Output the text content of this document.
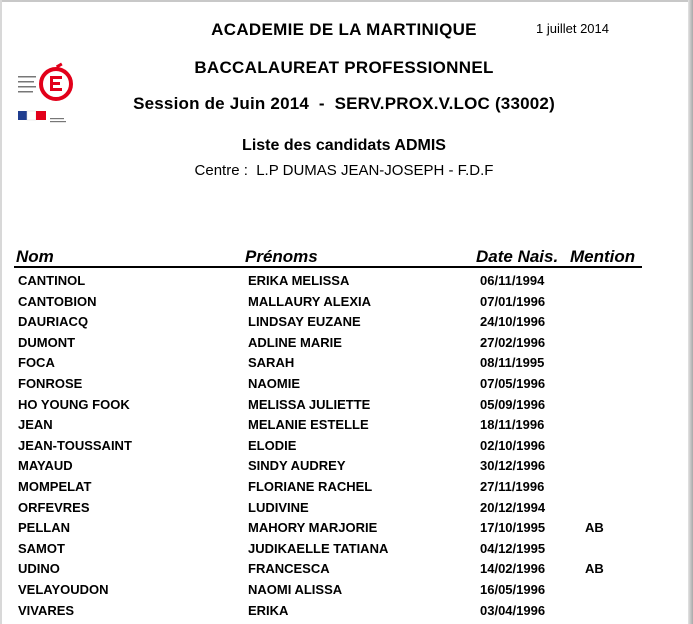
ACADEMIE DE LA MARTINIQUE	1 juillet 2014
BACCALAUREAT PROFESSIONNEL
Session de Juin 2014  -  SERV.PROX.V.LOC (33002)
Liste des candidats ADMIS
Centre :  L.P DUMAS JEAN-JOSEPH - F.D.F
Nom	Prénoms	Date Nais. Mention
CANTINOL	ERIKA MELISSA	06/11/1994
CANTOBION	MALLAURY ALEXIA	07/01/1996
DAURIACQ	LINDSAY EUZANE	24/10/1996
DUMONT	ADLINE MARIE	27/02/1996
FOCA	SARAH	08/11/1995
FONROSE	NAOMIE	07/05/1996
HO YOUNG FOOK	MELISSA JULIETTE	05/09/1996
JEAN	MELANIE ESTELLE	18/11/1996
JEAN-TOUSSAINT	ELODIE	02/10/1996
MAYAUD	SINDY AUDREY	30/12/1996
MOMPELAT	FLORIANE RACHEL	27/11/1996
ORFEVRES	LUDIVINE	20/12/1994
PELLAN	MAHORY MARJORIE	17/10/1995	AB
SAMOT	JUDIKAELLE TATIANA	04/12/1995
UDINO	FRANCESCA	14/02/1996	AB
VELAYOUDON	NAOMI ALISSA	16/05/1996
VIVARES	ERIKA	03/04/1996
